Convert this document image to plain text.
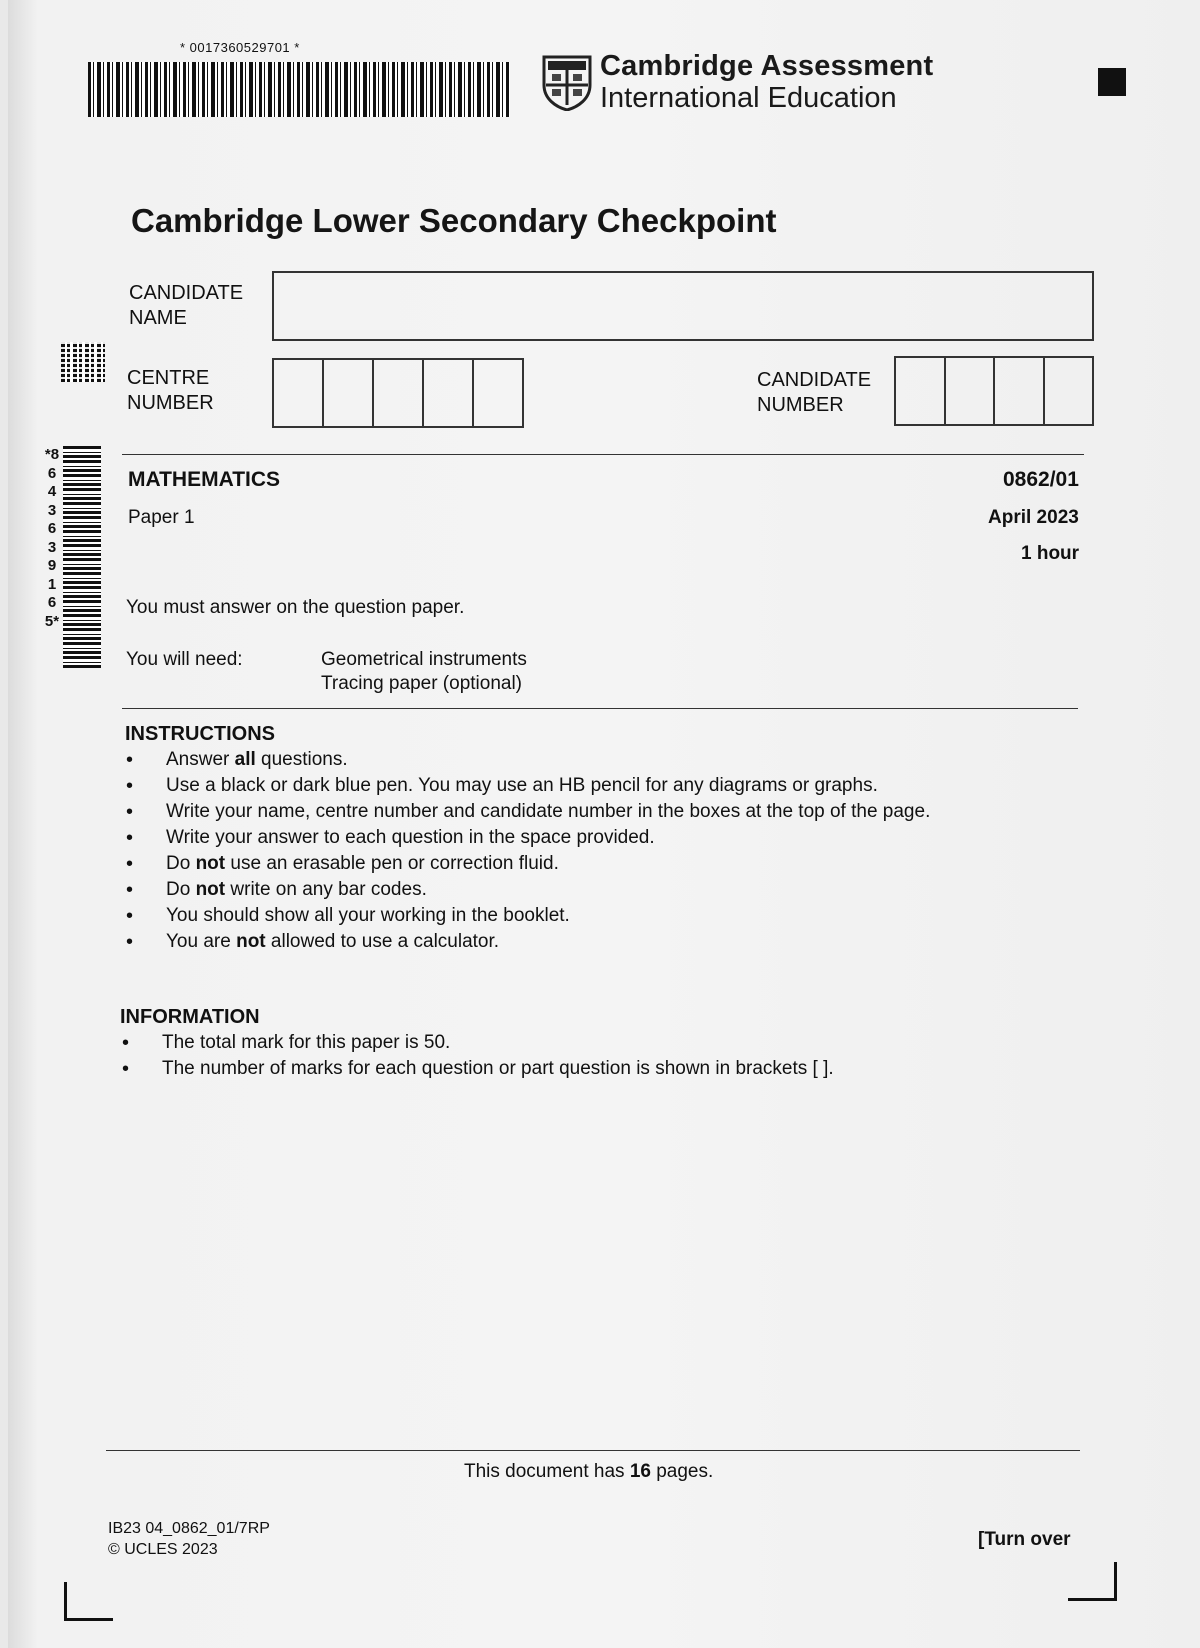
* 0017360529701 *
Cambridge Assessment
International Education
Cambridge Lower Secondary Checkpoint
CANDIDATE
NAME
CENTRE
NUMBER
CANDIDATE
NUMBER
*8643639165*
MATHEMATICS	0862/01
Paper 1	April 2023
1 hour
You must answer on the question paper.
You will need:	Geometrical instruments
Tracing paper (optional)
INSTRUCTIONS
• Answer all questions.
• Use a black or dark blue pen. You may use an HB pencil for any diagrams or graphs.
• Write your name, centre number and candidate number in the boxes at the top of the page.
• Write your answer to each question in the space provided.
• Do not use an erasable pen or correction fluid.
• Do not write on any bar codes.
• You should show all your working in the booklet.
• You are not allowed to use a calculator.
INFORMATION
• The total mark for this paper is 50.
• The number of marks for each question or part question is shown in brackets [ ].
This document has 16 pages.
IB23 04_0862_01/7RP
© UCLES 2023	[Turn over
